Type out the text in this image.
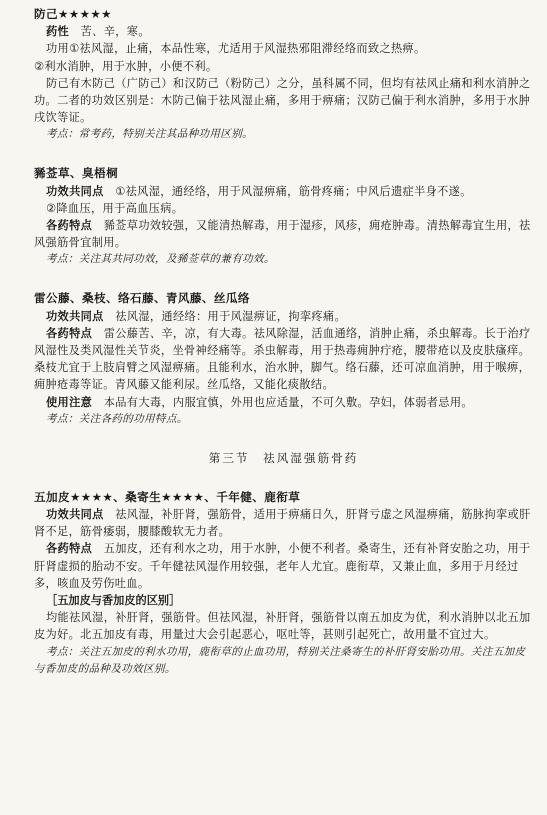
防己★★★★★

药性　 苦、辛，寒。

功用①祛风湿，止痛，本品性寒，尤适用于风湿热邪阻滞经络而致之热痹。

②利水消肿，用于水肿，小便不利。

防己有木防己（广防己）和汉防己（粉防己）之分，虽科属不同，但均有祛风止痛和利水消肿之功。二者的功效区别是：木防己偏于祛风湿止痛，多用于痹痛；汉防己偏于利水消肿，多用于水肿戌饮等证。

考点：常考药，特别关注其品种功用区别。

豨莶草、臭梧桐

功效共同点　 ①祛风湿，通经络，用于风湿痹痛，筋骨疼痛；中风后遗症半身不遂。

②降血压，用于高血压病。

各药特点　 豨莶草功效较强，又能清热解毒，用于湿疹，风疹，痈疮肿毒。清热解毒宜生用，祛风强筋骨宜制用。

考点：关注其共同功效，及豨莶草的兼有功效。

雷公藤、桑枝、络石藤、青风藤、丝瓜络

功效共同点　 祛风湿，通经络：用于风湿痹证，拘挛疼痛。

各药特点　 雷公藤苦、辛，凉，有大毒。祛风除湿，活血通络，消肿止痛，杀虫解毒。长于治疗风湿性及类风湿性关节炎，坐骨神经痛等。杀虫解毒，用于热毒痈肿疔疮，腰带疮以及皮肤瘙痒。桑枝尤宜于上肢肩臂之风湿痹痛。且能利水，治水肿，脚气。络石藤，还可凉血消肿，用于喉痹，痈肿疮毒等证。青风藤又能利尿。丝瓜络，又能化痰散结。

使用注意　 本品有大毒，内服宜慎，外用也应适量，不可久敷。孕妇，体弱者忌用。

考点：关注各药的功用特点。

第三节　祛风湿强筋骨药

五加皮★★★★、桑寄生★★★★、千年健、鹿衔草

功效共同点　 祛风湿，补肝肾，强筋骨，适用于痹痛日久，肝肾亏虚之风湿痹痛，筋脉拘挛或肝肾不足，筋骨痿弱，腰膝酸软无力者。

各药特点　 五加皮，还有利水之功，用于水肿，小便不利者。桑寄生，还有补肾安胎之功，用于肝肾虚损的胎动不安。千年健祛风湿作用较强，老年人尤宜。鹿衔草，又兼止血，多用于月经过多，咳血及劳伤吐血。

［五加皮与香加皮的区别］

均能祛风湿，补肝肾，强筋骨。但祛风湿，补肝肾，强筋骨以南五加皮为优，利水消肿以北五加皮为好。北五加皮有毒，用量过大会引起恶心，呕吐等，甚则引起死亡，故用量不宜过大。

考点：关注五加皮的利水功用，鹿衔草的止血功用，特别关注桑寄生的补肝肾安胎功用。关注五加皮与香加皮的品种及功效区别。
